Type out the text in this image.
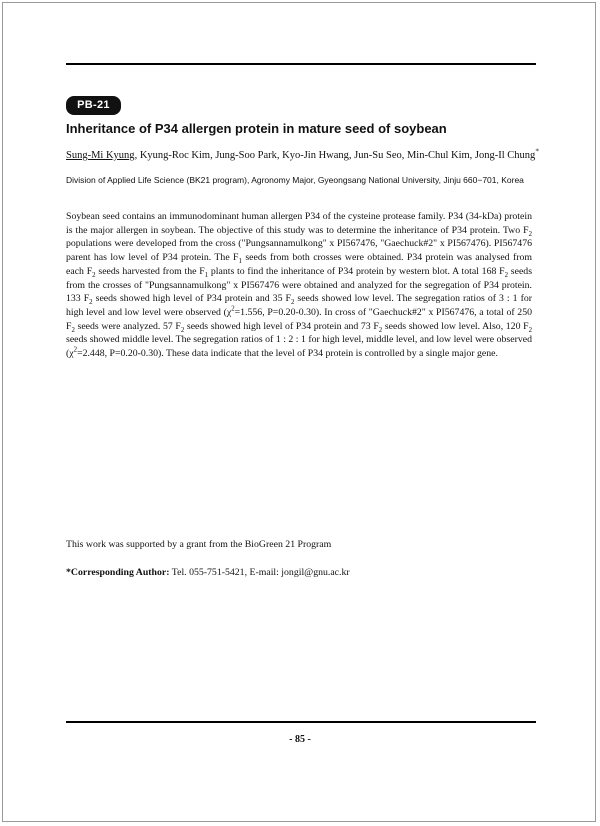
PB-21
Inheritance of P34 allergen protein in mature seed of soybean
Sung-Mi Kyung, Kyung-Roc Kim, Jung-Soo Park, Kyo-Jin Hwang, Jun-Su Seo, Min-Chul Kim, Jong-Il Chung*
Division of Applied Life Science (BK21 program), Agronomy Major, Gyeongsang National University, Jinju 660−701, Korea

Soybean seed contains an immunodominant human allergen P34 of the cysteine protease family. P34 (34-kDa) protein is the major allergen in soybean. The objective of this study was to determine the inheritance of P34 protein. Two $F_2$ populations were developed from the cross ("Pungsannamulkong" x PI567476, "Gaechuck#2" x PI567476). PI567476 parent has low level of P34 protein. The $F_1$ seeds from both crosses were obtained. P34 protein was analysed from each $F_2$ seeds harvested from the $F_1$ plants to find the inheritance of P34 protein by western blot. A total 168 $F_2$ seeds from the crosses of "Pungsannamulkong" x PI567476 were obtained and analyzed for the segregation of P34 protein. 133 $F_2$ seeds showed high level of P34 protein and 35 $F_2$ seeds showed low level. The segregation ratios of 3 : 1 for high level and low level were observed ($\chi^2=1.556$, P=0.20-0.30). In cross of "Gaechuck#2" x PI567476, a total of 250 $F_2$ seeds were analyzed. 57 $F_2$ seeds showed high level of P34 protein and 73 $F_2$ seeds showed low level. Also, 120 $F_2$ seeds showed middle level. The segregation ratios of 1 : 2 : 1 for high level, middle level, and low level were observed ($\chi^2=2.448$, P=0.20-0.30). These data indicate that the level of P34 protein is controlled by a single major gene.

This work was supported by a grant from the BioGreen 21 Program
*Corresponding Author: Tel. 055-751-5421, E-mail: jongil@gnu.ac.kr
- 85 -
